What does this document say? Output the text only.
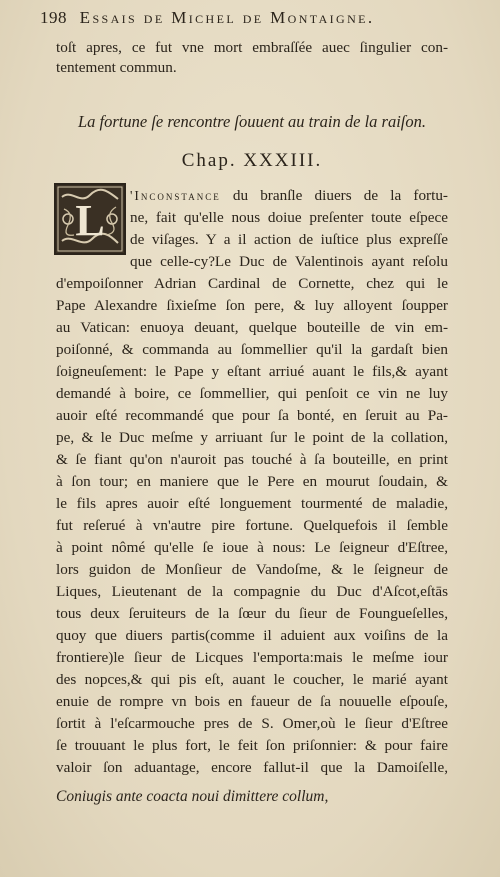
198 Essais de Michel de Montaigne.
toſt apres, ce fut vne mort embraſſée auec ſingulier con-
tentement commun.
La fortune ſe rencontre ſouuent au train de la raiſon.
Chap. XXXIII.
L
'Inconstance du branſle diuers de la fortu-
ne, fait qu'elle nous doiue preſenter toute eſpece
de viſages. Y a il action de iuſtice plus expreſſe
que celle-cy?Le Duc de Valentinois ayant reſolu
d'empoiſonner Adrian Cardinal de Cornette, chez qui le
Pape Alexandre ſixieſme ſon pere, & luy alloyent ſoupper
au Vatican: enuoya deuant, quelque bouteille de vin em-
poiſonné, & commanda au ſommellier qu'il la gardaſt bien
ſoigneuſement: le Pape y eſtant arriué auant le fils,& ayant
demandé à boire, ce ſommellier, qui penſoit ce vin ne luy
auoir eſté recommandé que pour ſa bonté, en ſeruit au Pa-
pe, & le Duc meſme y arriuant ſur le point de la collation,
& ſe fiant qu'on n'auroit pas touché à ſa bouteille, en print
à ſon tour; en maniere que le Pere en mourut ſoudain, &
le fils apres auoir eſté longuement tourmenté de maladie,
fut reſerué à vn'autre pire fortune. Quelquefois il ſemble
à point nômé qu'elle ſe ioue à nous: Le ſeigneur d'Eſtree,
lors guidon de Monſieur de Vandoſme, & le ſeigneur de
Liques, Lieutenant de la compagnie du Duc d'Aſcot,eſtās
tous deux ſeruiteurs de la ſœur du ſieur de Foungueſelles,
quoy que diuers partis(comme il aduient aux voiſins de la
frontiere)le ſieur de Licques l'emporta:mais le meſme iour
des nopces,& qui pis eſt, auant le coucher, le marié ayant
enuie de rompre vn bois en faueur de ſa nouuelle eſpouſe,
ſortit à l'eſcarmouche pres de S. Omer,où le ſieur d'Eſtree
ſe trouuant le plus fort, le feit ſon priſonnier: & pour faire
valoir ſon aduantage, encore fallut-il que la Damoiſelle,
Coniugis ante coacta noui dimittere collum,
